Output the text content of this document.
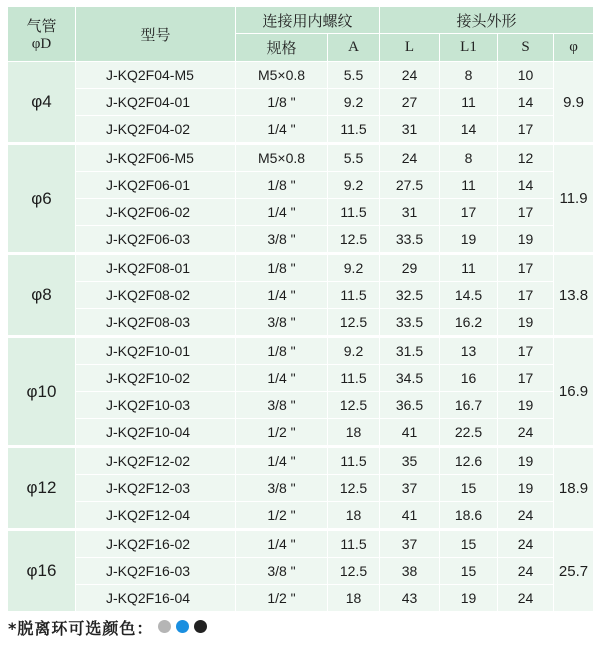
气管
φD	型号	连接用内螺纹		接头外形			
		规格	A	L	L1	S	φ
φ4	J-KQ2F04-M5	M5×0.8	5.5	24	8	10	9.9
	J-KQ2F04-01	1/8 "	9.2	27	11	14	
	J-KQ2F04-02	1/4 "	11.5	31	14	17	
φ6	J-KQ2F06-M5	M5×0.8	5.5	24	8	12	11.9
	J-KQ2F06-01	1/8 "	9.2	27.5	11	14	
	J-KQ2F06-02	1/4 "	11.5	31	17	17	
	J-KQ2F06-03	3/8 "	12.5	33.5	19	19	
φ8	J-KQ2F08-01	1/8 "	9.2	29	11	17	13.8
	J-KQ2F08-02	1/4 "	11.5	32.5	14.5	17	
	J-KQ2F08-03	3/8 "	12.5	33.5	16.2	19	
φ10	J-KQ2F10-01	1/8 "	9.2	31.5	13	17	16.9
	J-KQ2F10-02	1/4 "	11.5	34.5	16	17	
	J-KQ2F10-03	3/8 "	12.5	36.5	16.7	19	
	J-KQ2F10-04	1/2 "	18	41	22.5	24	
φ12	J-KQ2F12-02	1/4 "	11.5	35	12.6	19	18.9
	J-KQ2F12-03	3/8 "	12.5	37	15	19	
	J-KQ2F12-04	1/2 "	18	41	18.6	24	
φ16	J-KQ2F16-02	1/4 "	11.5	37	15	24	25.7
	J-KQ2F16-03	3/8 "	12.5	38	15	24	
	J-KQ2F16-04	1/2 "	18	43	19	24	
*脱离环可选颜色：
